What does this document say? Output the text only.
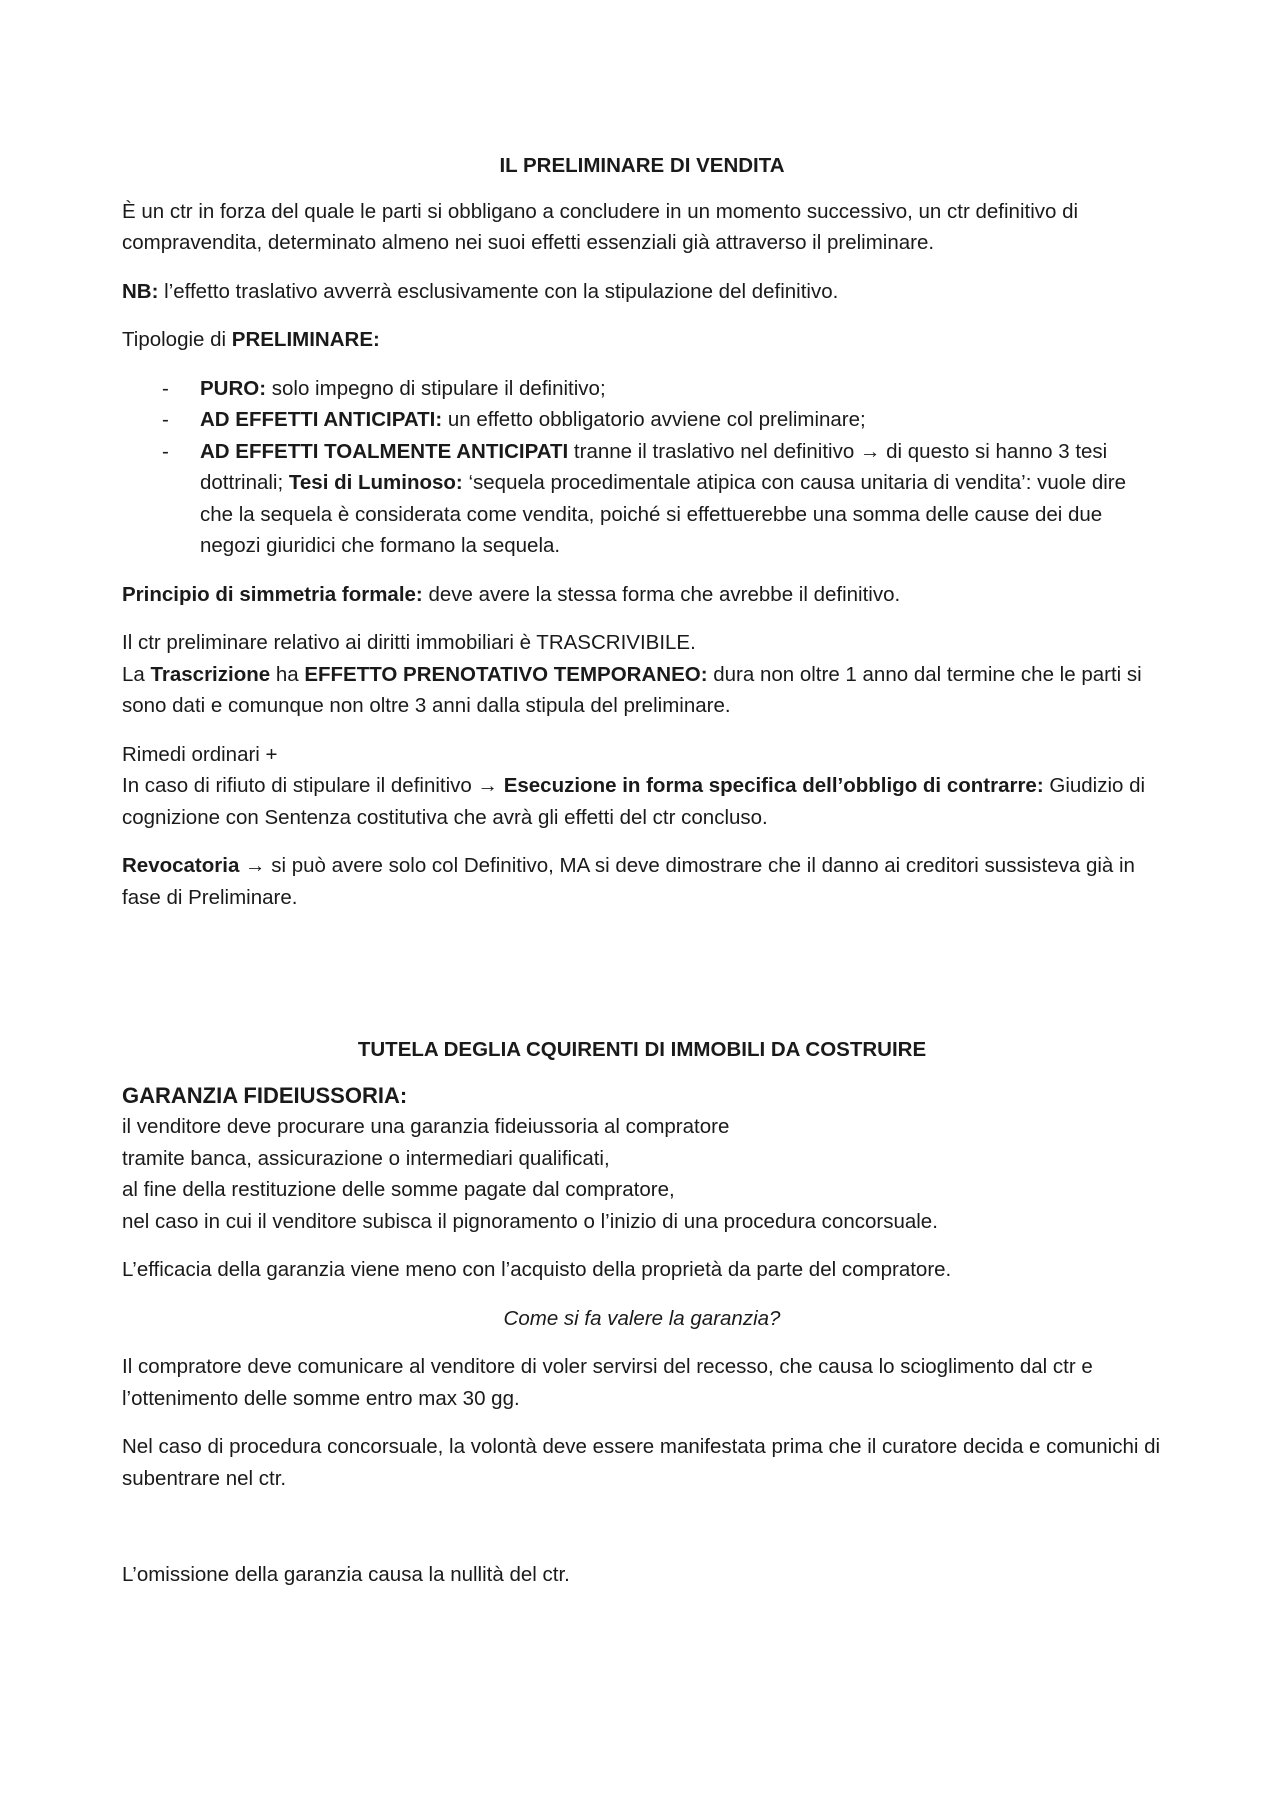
IL PRELIMINARE DI VENDITA

È un ctr in forza del quale le parti si obbligano a concludere in un momento successivo, un ctr definitivo di compravendita, determinato almeno nei suoi effetti essenziali già attraverso il preliminare.

NB: l’effetto traslativo avverrà esclusivamente con la stipulazione del definitivo.

Tipologie di PRELIMINARE:

- PURO: solo impegno di stipulare il definitivo;
- AD EFFETTI ANTICIPATI: un effetto obbligatorio avviene col preliminare;
- AD EFFETTI TOALMENTE ANTICIPATI tranne il traslativo nel definitivo → di questo si hanno 3 tesi dottrinali; Tesi di Luminoso: ‘sequela procedimentale atipica con causa unitaria di vendita’: vuole dire che la sequela è considerata come vendita, poiché si effettuerebbe una somma delle cause dei due negozi giuridici che formano la sequela.

Principio di simmetria formale: deve avere la stessa forma che avrebbe il definitivo.

Il ctr preliminare relativo ai diritti immobiliari è TRASCRIVIBILE.
La Trascrizione ha EFFETTO PRENOTATIVO TEMPORANEO: dura non oltre 1 anno dal termine che le parti si sono dati e comunque non oltre 3 anni dalla stipula del preliminare.

Rimedi ordinari +
In caso di rifiuto di stipulare il definitivo → Esecuzione in forma specifica dell’obbligo di contrarre: Giudizio di cognizione con Sentenza costitutiva che avrà gli effetti del ctr concluso.

Revocatoria → si può avere solo col Definitivo, MA si deve dimostrare che il danno ai creditori sussisteva già in fase di Preliminare.

TUTELA DEGLIA CQUIRENTI DI IMMOBILI DA COSTRUIRE
GARANZIA FIDEIUSSORIA:

il venditore deve procurare una garanzia fideiussoria al compratore
tramite banca, assicurazione o intermediari qualificati,
al fine della restituzione delle somme pagate dal compratore,
nel caso in cui il venditore subisca il pignoramento o l’inizio di una procedura concorsuale.

L’efficacia della garanzia viene meno con l’acquisto della proprietà da parte del compratore.

Come si fa valere la garanzia?

Il compratore deve comunicare al venditore di voler servirsi del recesso, che causa lo scioglimento dal ctr e l’ottenimento delle somme entro max 30 gg.

Nel caso di procedura concorsuale, la volontà deve essere manifestata prima che il curatore decida e comunichi di subentrare nel ctr.

L’omissione della garanzia causa la nullità del ctr.
